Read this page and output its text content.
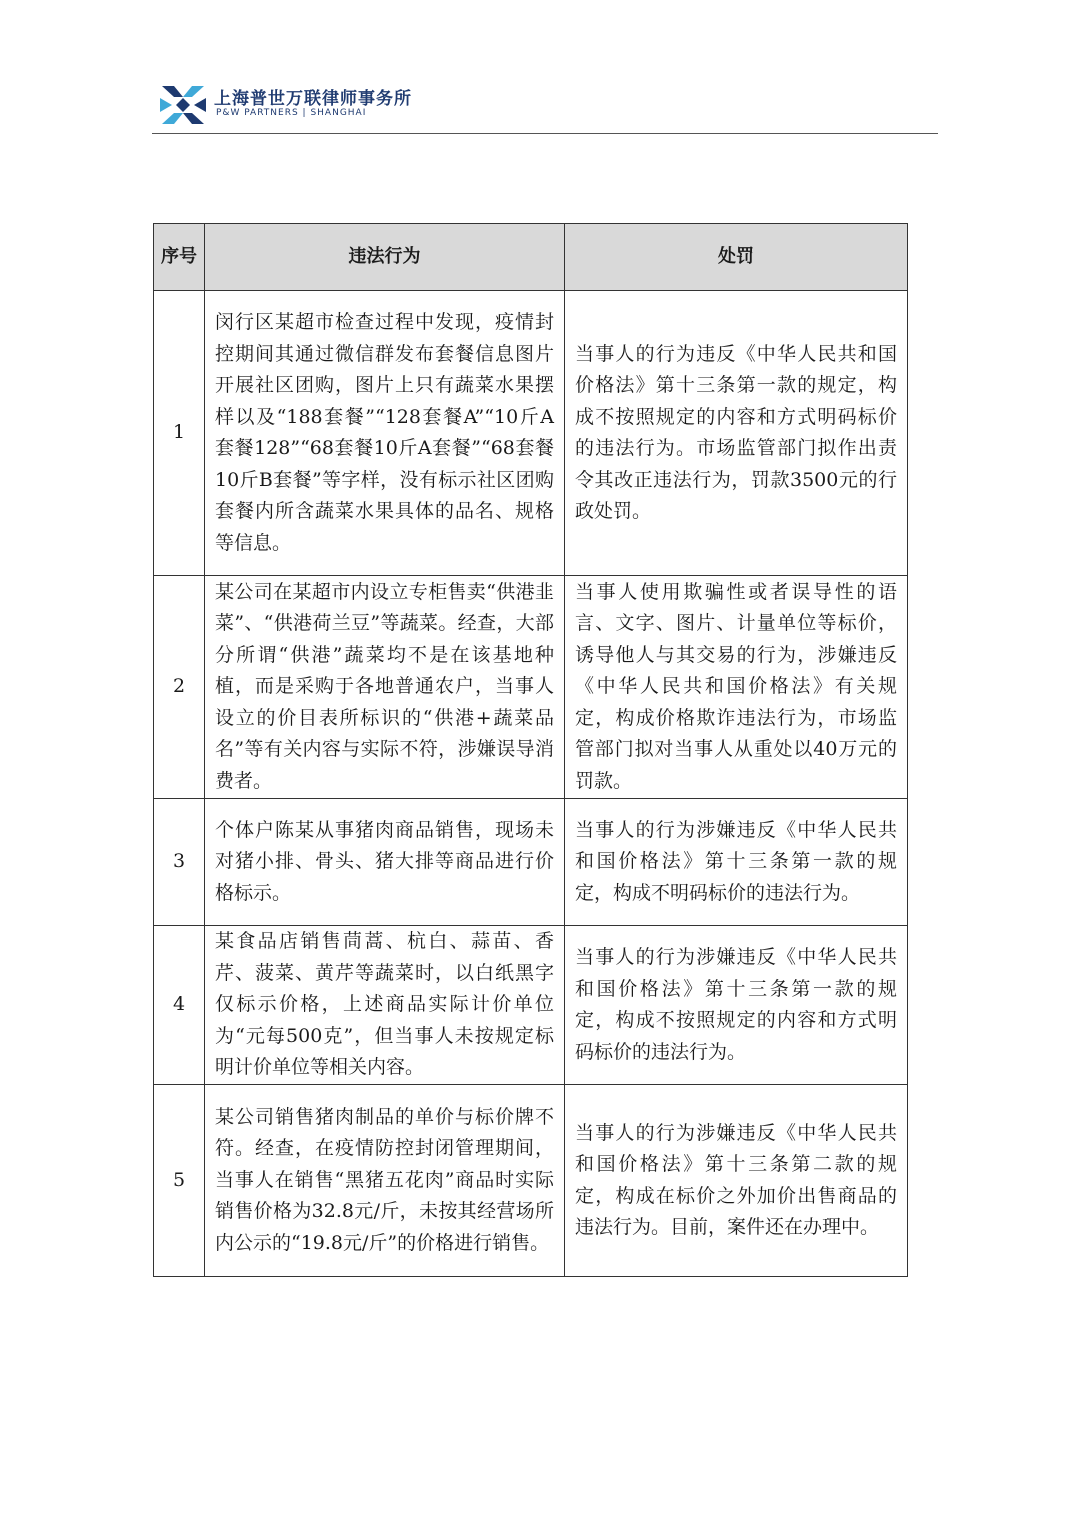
上海普世万联律师事务所
P&W PARTNERS | SHANGHAI
序号	违法行为	处罚
1	闵行区某超市检查过程中发现，疫情封控期间其通过微信群发布套餐信息图片开展社区团购，图片上只有蔬菜水果摆样以及“188套餐”“128套餐A”“10斤A套餐128”“68套餐10斤A套餐”“68套餐10斤B套餐”等字样，没有标示社区团购套餐内所含蔬菜水果具体的品名、规格等信息。	当事人的行为违反《中华人民共和国价格法》第十三条第一款的规定，构成不按照规定的内容和方式明码标价的违法行为。市场监管部门拟作出责令其改正违法行为，罚款3500元的行政处罚。
2	某公司在某超市内设立专柜售卖“供港韭菜”、“供港荷兰豆”等蔬菜。经查，大部分所谓“供港”蔬菜均不是在该基地种植，而是采购于各地普通农户，当事人设立的价目表所标识的“供港+蔬菜品名”等有关内容与实际不符，涉嫌误导消费者。	当事人使用欺骗性或者误导性的语言、文字、图片、计量单位等标价，诱导他人与其交易的行为，涉嫌违反《中华人民共和国价格法》有关规定，构成价格欺诈违法行为，市场监管部门拟对当事人从重处以40万元的罚款。
3	个体户陈某从事猪肉商品销售，现场未对猪小排、骨头、猪大排等商品进行价格标示。	当事人的行为涉嫌违反《中华人民共和国价格法》第十三条第一款的规定，构成不明码标价的违法行为。
4	某食品店销售茼蒿、杭白、蒜苗、香芹、菠菜、黄芹等蔬菜时，以白纸黑字仅标示价格，上述商品实际计价单位为“元每500克”，但当事人未按规定标明计价单位等相关内容。	当事人的行为涉嫌违反《中华人民共和国价格法》第十三条第一款的规定，构成不按照规定的内容和方式明码标价的违法行为。
5	某公司销售猪肉制品的单价与标价牌不符。经查，在疫情防控封闭管理期间，当事人在销售“黑猪五花肉”商品时实际销售价格为32.8元/斤，未按其经营场所内公示的“19.8元/斤”的价格进行销售。	当事人的行为涉嫌违反《中华人民共和国价格法》第十三条第二款的规定，构成在标价之外加价出售商品的违法行为。目前，案件还在办理中。
